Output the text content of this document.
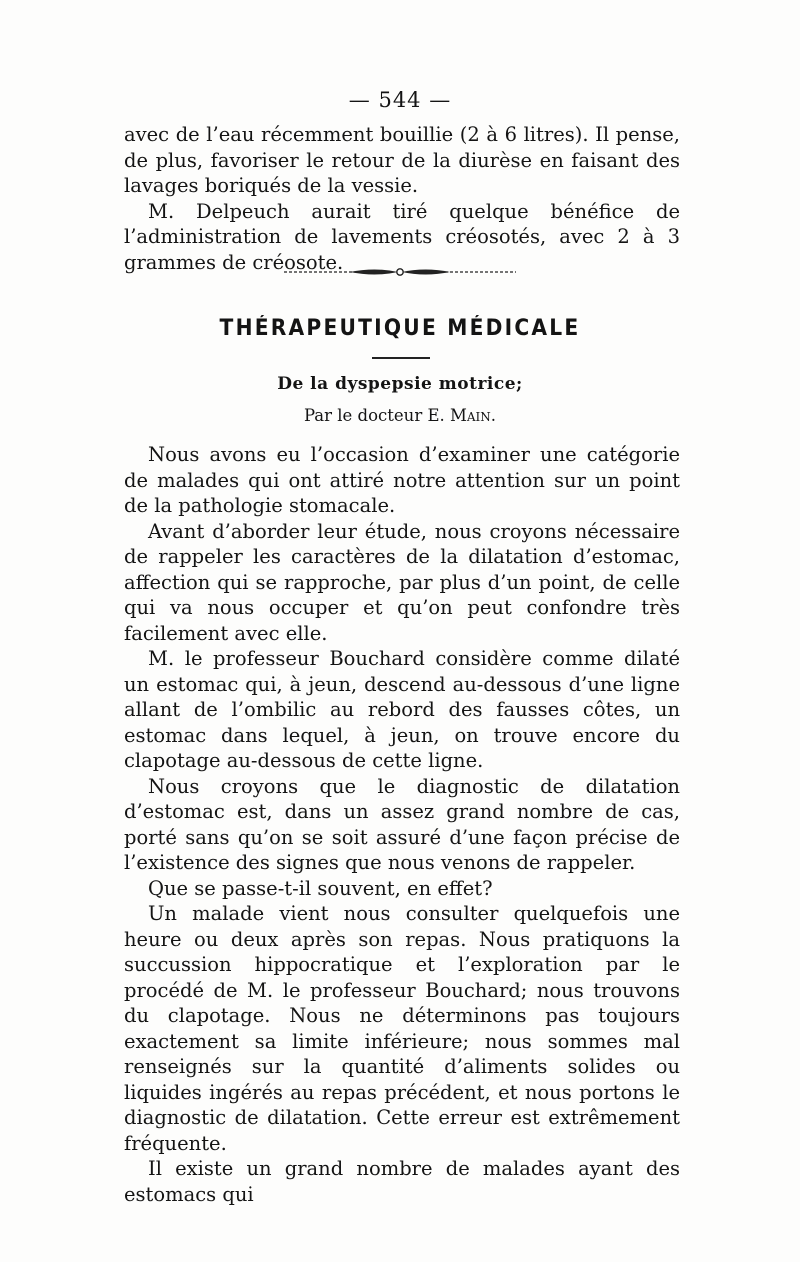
— 544 —

avec de l’eau récemment bouillie (2 à 6 litres). Il pense, de plus, favoriser le retour de la diurèse en faisant des lavages boriqués de la vessie.

M. Delpeuch aurait tiré quelque bénéfice de l’administration de lavements créosotés, avec 2 à 3 grammes de créosote.

THÉRAPEUTIQUE MÉDICALE
De la dyspepsie motrice;
Par le docteur E. Main.

Nous avons eu l’occasion d’examiner une catégorie de malades qui ont attiré notre attention sur un point de la pathologie stomacale.

Avant d’aborder leur étude, nous croyons nécessaire de rappeler les caractères de la dilatation d’estomac, affection qui se rapproche, par plus d’un point, de celle qui va nous occuper et qu’on peut confondre très facilement avec elle.

M. le professeur Bouchard considère comme dilaté un estomac qui, à jeun, descend au-dessous d’une ligne allant de l’ombilic au rebord des fausses côtes, un estomac dans lequel, à jeun, on trouve encore du clapotage au-dessous de cette ligne.

Nous croyons que le diagnostic de dilatation d’estomac est, dans un assez grand nombre de cas, porté sans qu’on se soit assuré d’une façon précise de l’existence des signes que nous venons de rappeler.

Que se passe-t-il souvent, en effet?

Un malade vient nous consulter quelquefois une heure ou deux après son repas. Nous pratiquons la succussion hippocratique et l’exploration par le procédé de M. le professeur Bouchard; nous trouvons du clapotage. Nous ne déterminons pas toujours exactement sa limite inférieure; nous sommes mal renseignés sur la quantité d’aliments solides ou liquides ingérés au repas précédent, et nous portons le diagnostic de dilatation. Cette erreur est extrêmement fréquente.

Il existe un grand nombre de malades ayant des estomacs qui
